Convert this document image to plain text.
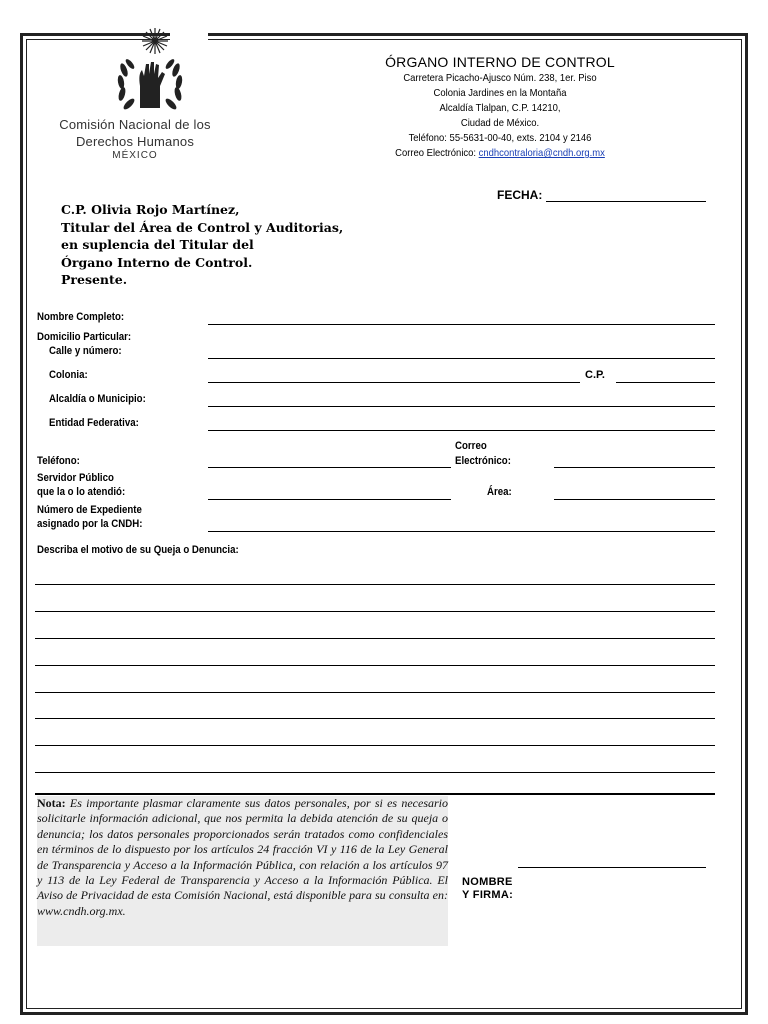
Comisión Nacional de los
Derechos Humanos
MÉXICO
ÓRGANO INTERNO DE CONTROL
Carretera Picacho-Ajusco Núm. 238, 1er. Piso
Colonia Jardines en la Montaña
Alcaldía Tlalpan, C.P. 14210,
Ciudad de México.
Teléfono: 55-5631-00-40, exts. 2104 y 2146
Correo Electrónico: cndhcontraloria@cndh.org.mx
FECHA:
C.P. Olivia Rojo Martínez,
Titular del Área de Control y Auditorias,
en suplencia del Titular del
Órgano Interno de Control.
Presente.
Nombre Completo:
Domicilio Particular:
Calle y número:
Colonia:	C.P.
Alcaldía o Municipio:
Entidad Federativa:
Correo
Teléfono:	Electrónico:
Servidor Público
que la o lo atendió:	Área:
Número de Expediente
asignado por la CNDH:
Describa el motivo de su Queja o Denuncia:

Nota: Es importante plasmar claramente sus datos personales, por si es necesario solicitarle información adicional, que nos permita la debida atención de su queja o denuncia; los datos personales proporcionados serán tratados como confidenciales en términos de lo dispuesto por los artículos 24 fracción VI y 116 de la Ley General de Transparencia y Acceso a la Información Pública, con relación a los artículos 97 y 113 de la Ley Federal de Transparencia y Acceso a la Información Pública. El Aviso de Privacidad de esta Comisión Nacional, está disponible para su consulta en: www.cndh.org.mx.

NOMBRE
Y FIRMA:
